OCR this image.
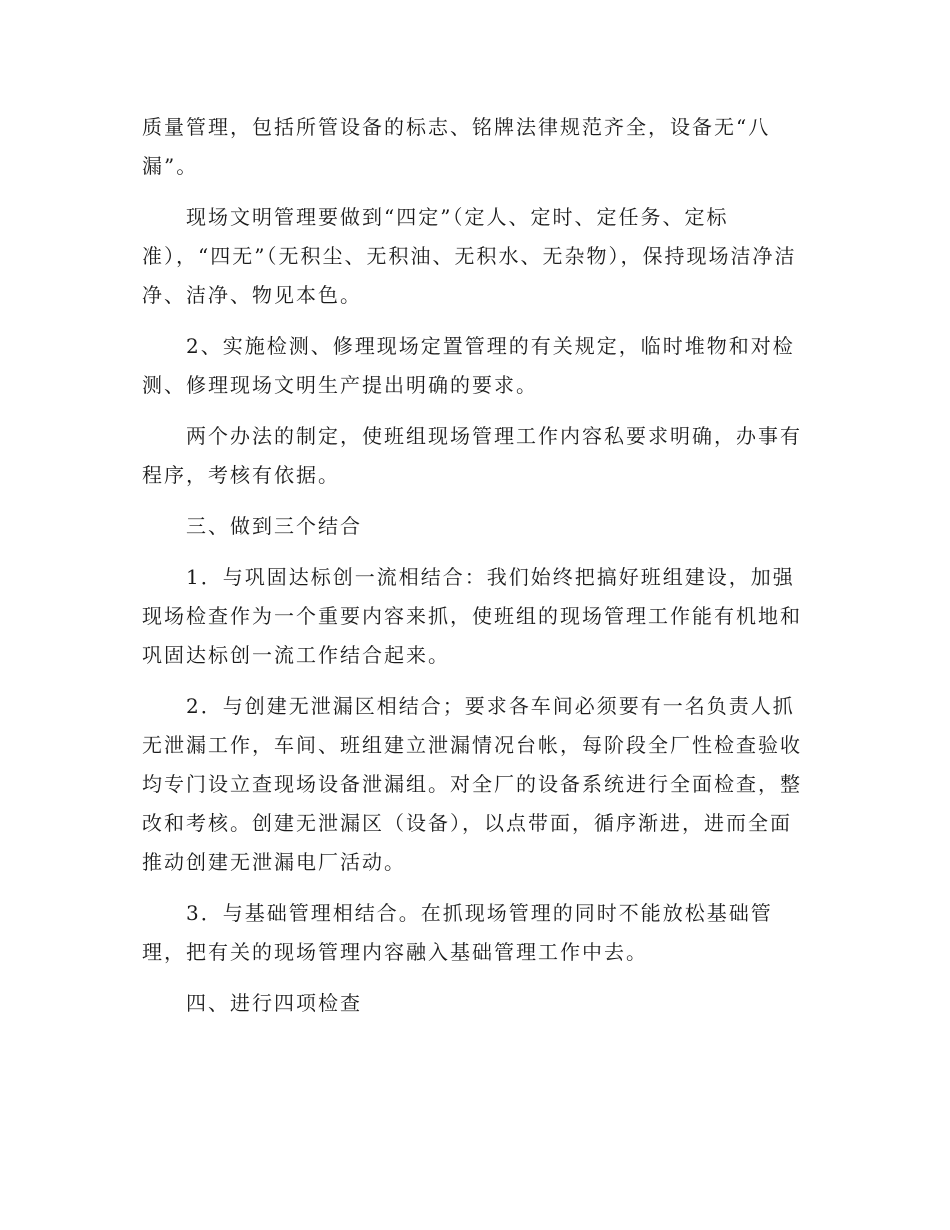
质量管理，包括所管设备的标志、铭牌法律规范齐全，设备无“八漏”。

现场文明管理要做到“四定”（定人、定时、定任务、定标准），“四无”（无积尘、无积油、无积水、无杂物），保持现场洁净洁净、洁净、物见本色。

2、实施检测、修理现场定置管理的有关规定，临时堆物和对检测、修理现场文明生产提出明确的要求。

两个办法的制定，使班组现场管理工作内容私要求明确，办事有程序，考核有依据。

三、做到三个结合

1．与巩固达标创一流相结合：我们始终把搞好班组建设，加强现场检查作为一个重要内容来抓，使班组的现场管理工作能有机地和巩固达标创一流工作结合起来。

2．与创建无泄漏区相结合；要求各车间必须要有一名负责人抓无泄漏工作，车间、班组建立泄漏情况台帐，每阶段全厂性检查验收均专门设立查现场设备泄漏组。对全厂的设备系统进行全面检查，整改和考核。创建无泄漏区（设备），以点带面，循序渐进，进而全面推动创建无泄漏电厂活动。

3．与基础管理相结合。在抓现场管理的同时不能放松基础管理，把有关的现场管理内容融入基础管理工作中去。

四、进行四项检查
